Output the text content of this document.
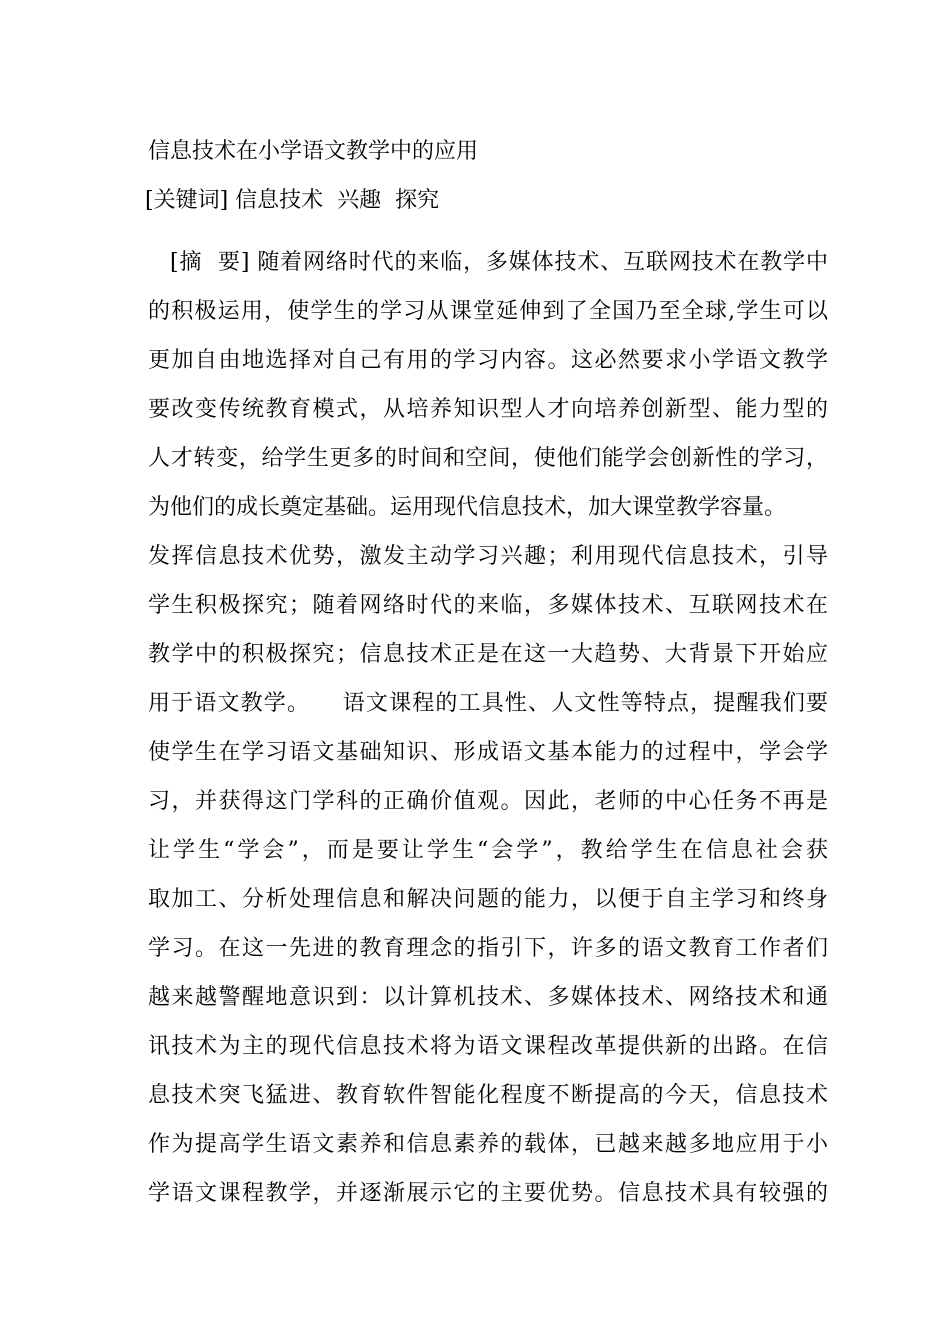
信息技术在小学语文教学中的应用
[关键词] 信息技术  兴趣  探究
[摘  要] 随着网络时代的来临，多媒体技术、互联网技术在教学中
的积极运用，使学生的学习从课堂延伸到了全国乃至全球,学生可以
更加自由地选择对自己有用的学习内容。这必然要求小学语文教学
要改变传统教育模式，从培养知识型人才向培养创新型、能力型的
人才转变，给学生更多的时间和空间，使他们能学会创新性的学习，
为他们的成长奠定基础。运用现代信息技术，加大课堂教学容量。
发挥信息技术优势，激发主动学习兴趣；利用现代信息技术，引导
学生积极探究；随着网络时代的来临，多媒体技术、互联网技术在
教学中的积极探究；信息技术正是在这一大趋势、大背景下开始应
用于语文教学。    语文课程的工具性、人文性等特点，提醒我们要
使学生在学习语文基础知识、形成语文基本能力的过程中，学会学
习，并获得这门学科的正确价值观。因此，老师的中心任务不再是
让学生“学会”，而是要让学生“会学”，教给学生在信息社会获
取加工、分析处理信息和解决问题的能力，以便于自主学习和终身
学习。在这一先进的教育理念的指引下，许多的语文教育工作者们
越来越警醒地意识到：以计算机技术、多媒体技术、网络技术和通
讯技术为主的现代信息技术将为语文课程改革提供新的出路。在信
息技术突飞猛进、教育软件智能化程度不断提高的今天，信息技术
作为提高学生语文素养和信息素养的载体，已越来越多地应用于小
学语文课程教学，并逐渐展示它的主要优势。信息技术具有较强的
